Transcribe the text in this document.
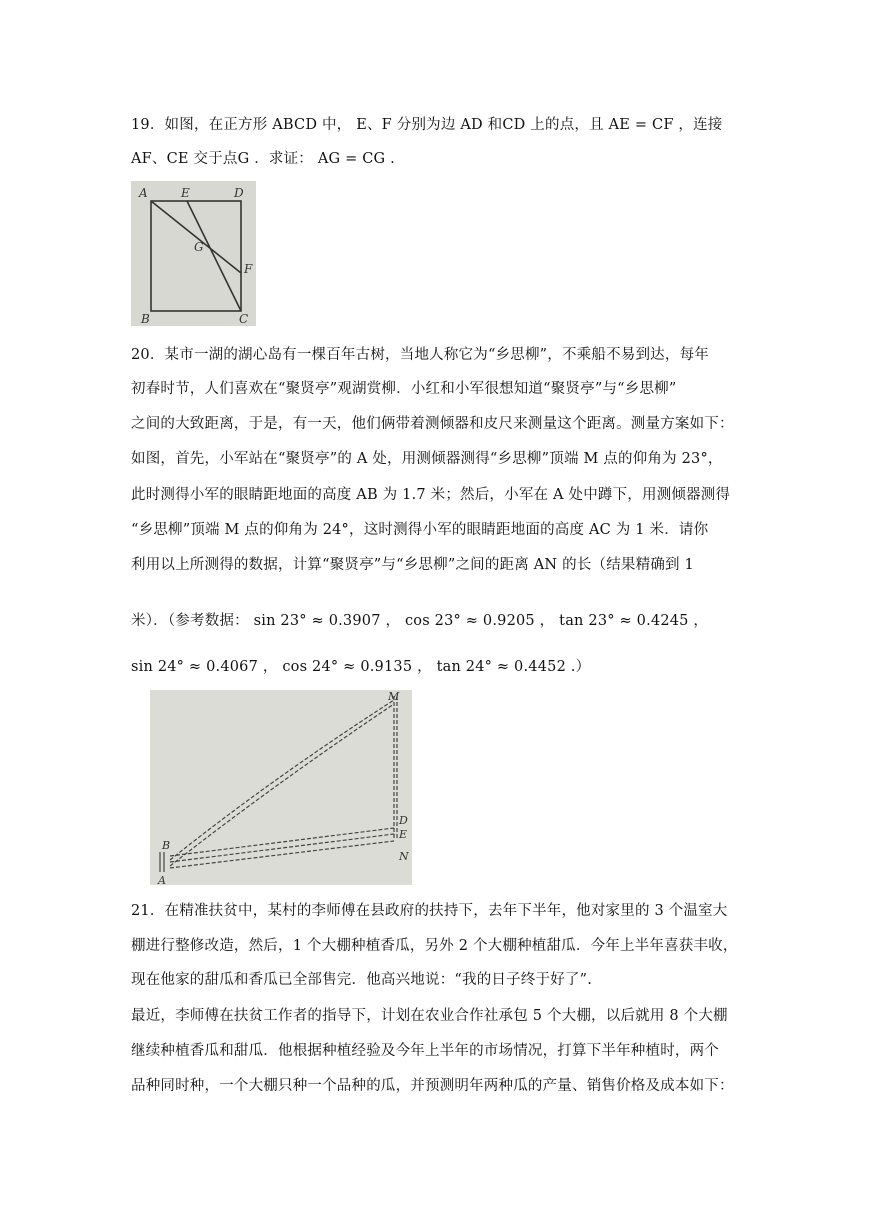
19．如图，在正方形 ABCD 中， E、F 分别为边 AD 和CD 上的点，且 AE = CF ，连接
AF、CE 交于点G ．求证： AG = CG .
A	E	D
G
F
B	C
20．某市一湖的湖心岛有一棵百年古树，当地人称它为“乡思柳”，不乘船不易到达，每年
初春时节，人们喜欢在“聚贤亭”观湖赏柳．小红和小军很想知道“聚贤亭”与“乡思柳”
之间的大致距离，于是，有一天，他们俩带着测倾器和皮尺来测量这个距离。测量方案如下：
如图，首先，小军站在“聚贤亭”的 A 处，用测倾器测得“乡思柳”顶端 M 点的仰角为 23°，
此时测得小军的眼睛距地面的高度 AB 为 1.7 米；然后，小军在 A 处中蹲下，用测倾器测得
“乡思柳”顶端 M 点的仰角为 24°，这时测得小军的眼睛距地面的高度 AC 为 1 米．请你
利用以上所测得的数据，计算“聚贤亭”与“乡思柳”之间的距离 AN 的长（结果精确到 1
米）．（参考数据： sin 23° ≈ 0.3907 ， cos 23° ≈ 0.9205 ， tan 23° ≈ 0.4245 ，
sin 24° ≈ 0.4067 ， cos 24° ≈ 0.9135 ， tan 24° ≈ 0.4452 .）
M
D
E
N
B
A
21．在精准扶贫中，某村的李师傅在县政府的扶持下，去年下半年，他对家里的 3 个温室大
棚进行整修改造，然后，1 个大棚种植香瓜，另外 2 个大棚种植甜瓜．今年上半年喜获丰收，
现在他家的甜瓜和香瓜已全部售完．他高兴地说：“我的日子终于好了”.
最近，李师傅在扶贫工作者的指导下，计划在农业合作社承包 5 个大棚，以后就用 8 个大棚
继续种植香瓜和甜瓜．他根据种植经验及今年上半年的市场情况，打算下半年种植时，两个
品种同时种，一个大棚只种一个品种的瓜，并预测明年两种瓜的产量、销售价格及成本如下：
